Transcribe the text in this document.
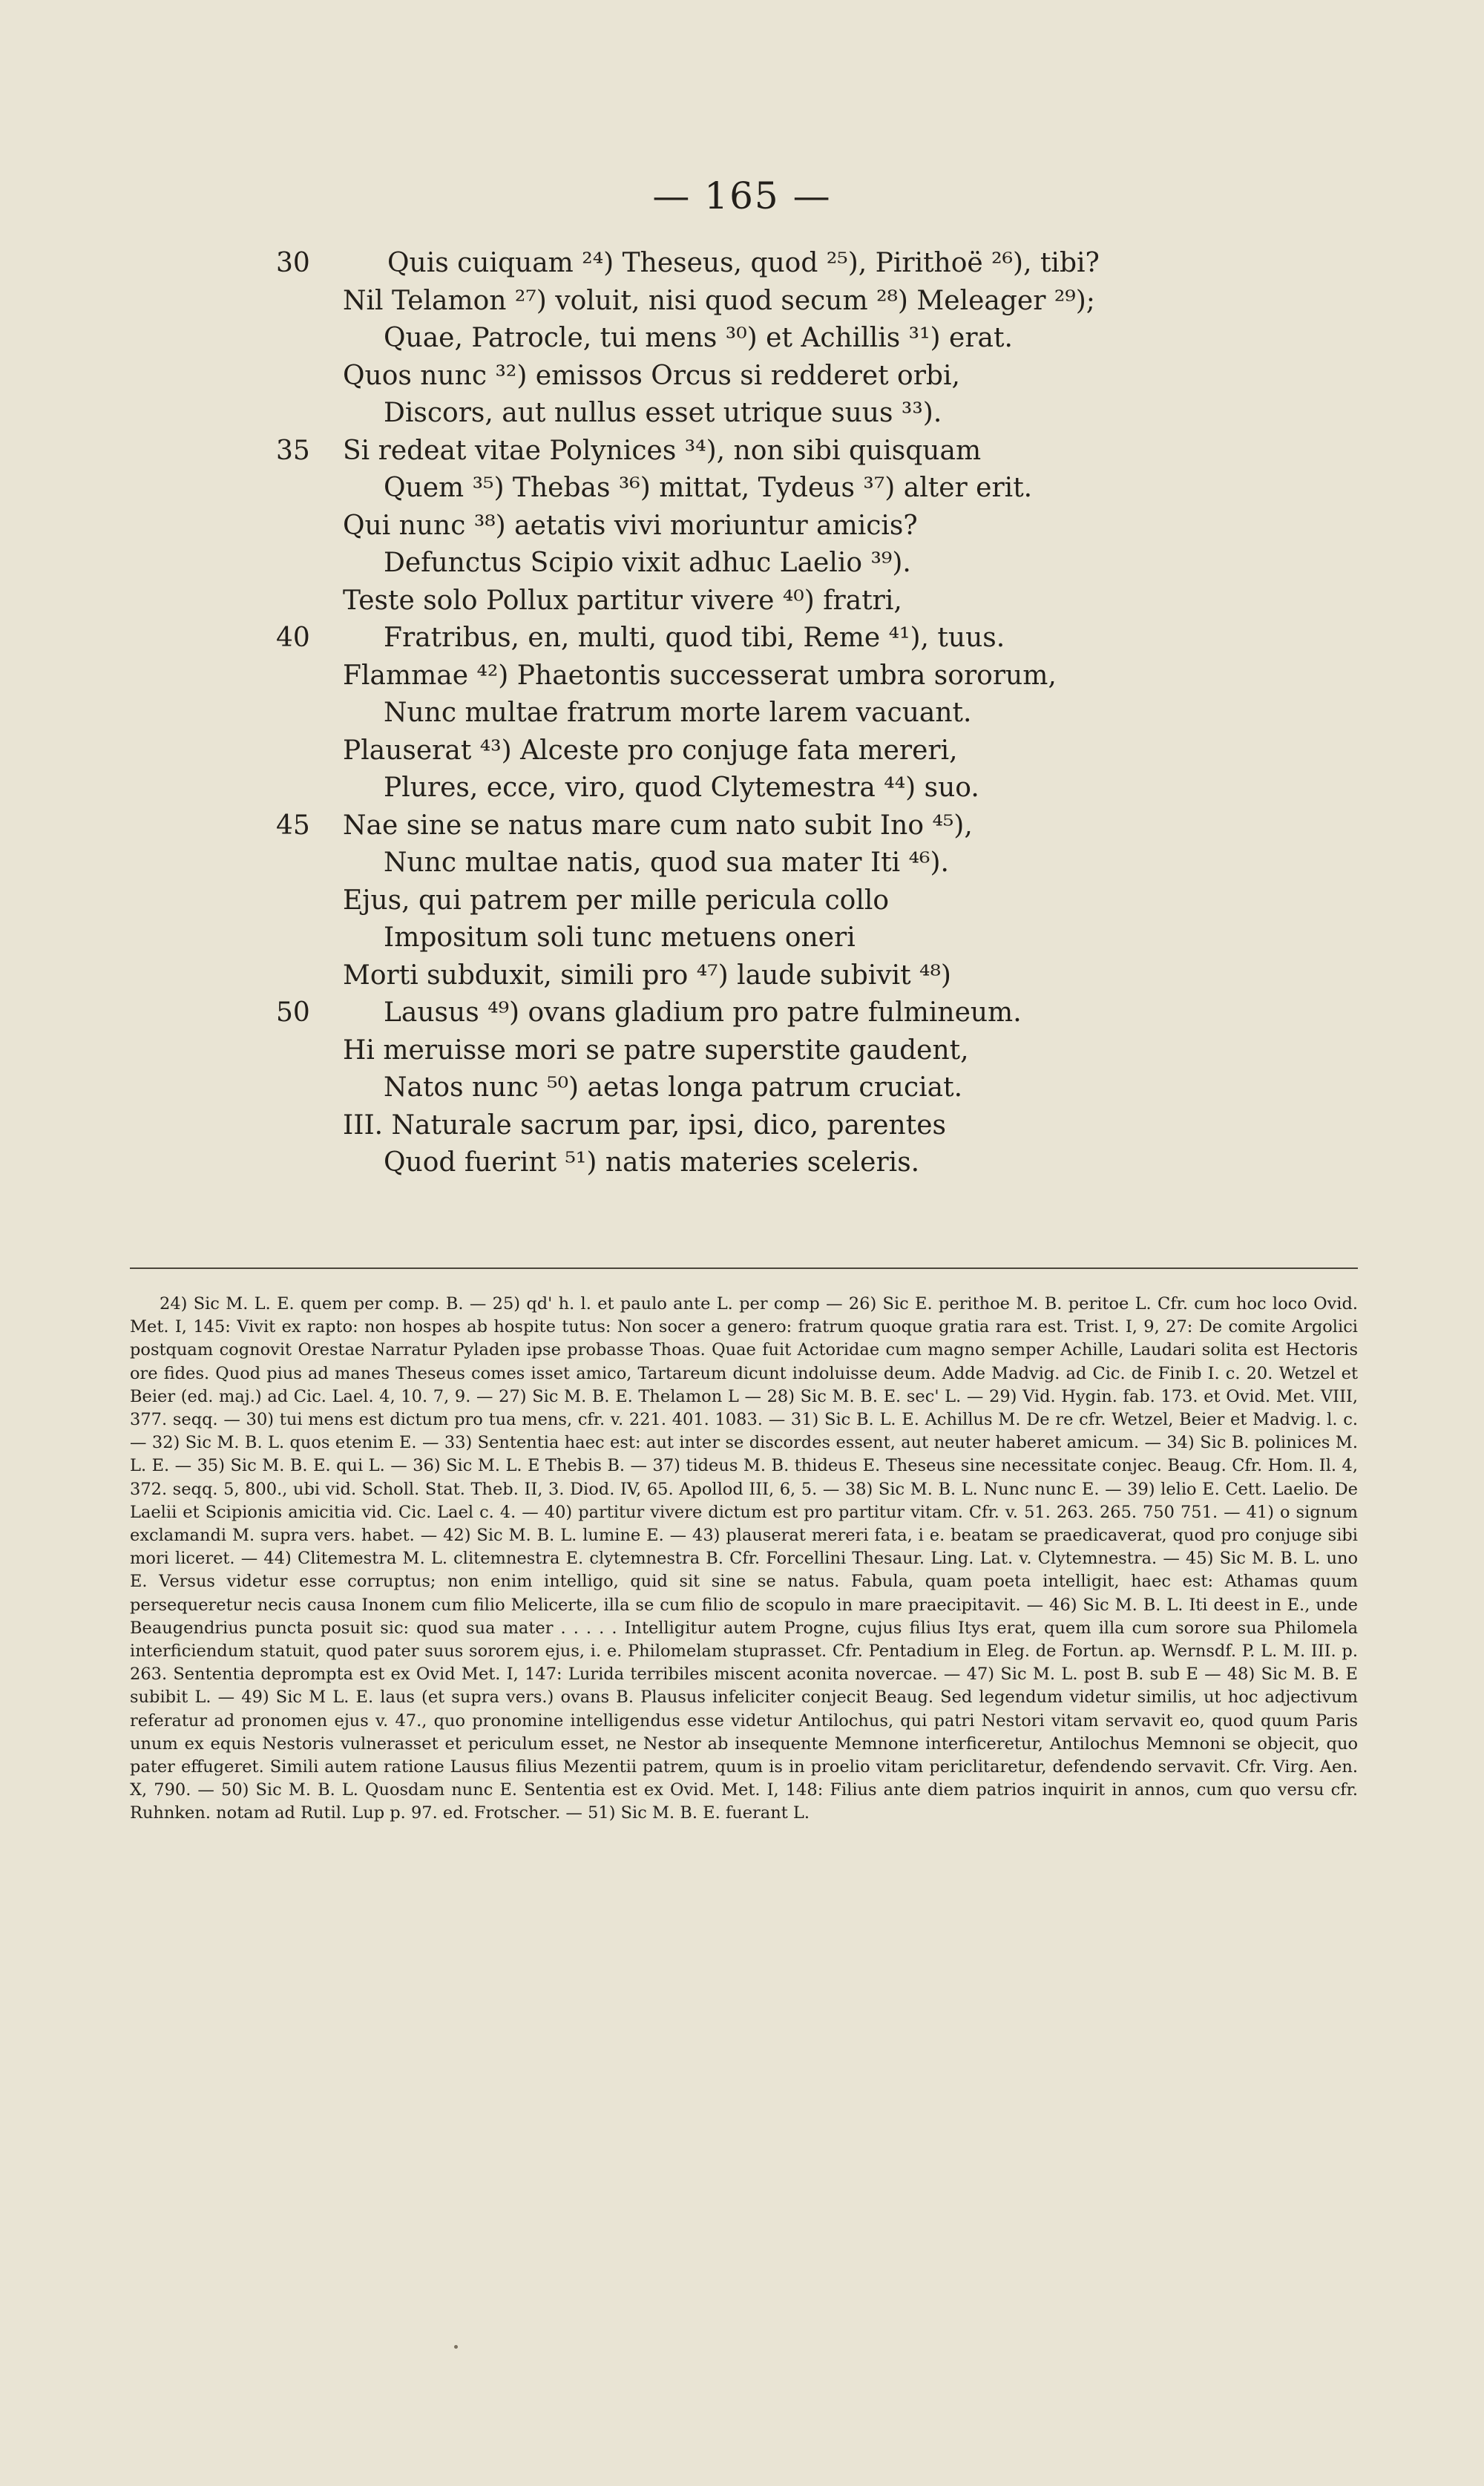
— 165 —
30	Quis cuiquam ²⁴) Theseus, quod ²⁵), Pirithoë ²⁶), tibi?
Nil Telamon ²⁷) voluit, nisi quod secum ²⁸) Meleager ²⁹);
Quae, Patrocle, tui mens ³⁰) et Achillis ³¹) erat.
Quos nunc ³²) emissos Orcus si redderet orbi,
Discors, aut nullus esset utrique suus ³³).
35 Si redeat vitae Polynices ³⁴), non sibi quisquam
Quem ³⁵) Thebas ³⁶) mittat, Tydeus ³⁷) alter erit.
Qui nunc ³⁸) aetatis vivi moriuntur amicis?
Defunctus Scipio vixit adhuc Laelio ³⁹).
Teste solo Pollux partitur vivere ⁴⁰) fratri,
40	Fratribus, en, multi, quod tibi, Reme ⁴¹), tuus.
Flammae ⁴²) Phaetontis successerat umbra sororum,
Nunc multae fratrum morte larem vacuant.
Plauserat ⁴³) Alceste pro conjuge fata mereri,
Plures, ecce, viro, quod Clytemestra ⁴⁴) suo.
45 Nae sine se natus mare cum nato subit Ino ⁴⁵),
Nunc multae natis, quod sua mater Iti ⁴⁶).
Ejus, qui patrem per mille pericula collo
Impositum soli tunc metuens oneri
Morti subduxit, simili pro ⁴⁷) laude subivit ⁴⁸)
50	Lausus ⁴⁹) ovans gladium pro patre fulmineum.
Hi meruisse mori se patre superstite gaudent,
Natos nunc ⁵⁰) aetas longa patrum cruciat.
III. Naturale sacrum par, ipsi, dico, parentes
Quod fuerint ⁵¹) natis materies sceleris.

24) Sic M. L. E. quem per comp. B. — 25) qd' h. l. et paulo ante L. per comp — 26) Sic E. perithoe M. B. peritoe L. Cfr. cum hoc loco Ovid. Met. I, 145: Vivit ex rapto: non hospes ab hospite tutus: Non socer a genero: fratrum quoque gratia rara est. Trist. I, 9, 27: De comite Argolici postquam cognovit Orestae Narratur Pyladen ipse probasse Thoas. Quae fuit Actoridae cum magno semper Achille, Laudari solita est Hectoris ore fides. Quod pius ad manes Theseus comes isset amico, Tartareum dicunt indoluisse deum. Adde Madvig. ad Cic. de Finib I. c. 20. Wetzel et Beier (ed. maj.) ad Cic. Lael. 4, 10. 7, 9. — 27) Sic M. B. E. Thelamon L — 28) Sic M. B. E. sec' L. — 29) Vid. Hygin. fab. 173. et Ovid. Met. VIII, 377. seqq. — 30) tui mens est dictum pro tua mens, cfr. v. 221. 401. 1083. — 31) Sic B. L. E. Achillus M. De re cfr. Wetzel, Beier et Madvig. l. c. — 32) Sic M. B. L. quos etenim E. — 33) Sententia haec est: aut inter se discordes essent, aut neuter haberet amicum. — 34) Sic B. polinices M. L. E. — 35) Sic M. B. E. qui L. — 36) Sic M. L. E Thebis B. — 37) tideus M. B. thideus E. Theseus sine necessitate conjec. Beaug. Cfr. Hom. Il. 4, 372. seqq. 5, 800., ubi vid. Scholl. Stat. Theb. II, 3. Diod. IV, 65. Apollod III, 6, 5. — 38) Sic M. B. L. Nunc nunc E. — 39) lelio E. Cett. Laelio. De Laelii et Scipionis amicitia vid. Cic. Lael c. 4. — 40) partitur vivere dictum est pro partitur vitam. Cfr. v. 51. 263. 265. 750 751. — 41) o signum exclamandi M. supra vers. habet. — 42) Sic M. B. L. lumine E. — 43) plauserat mereri fata, i e. beatam se praedicaverat, quod pro conjuge sibi mori liceret. — 44) Clitemestra M. L. clitemnestra E. clytemnestra B. Cfr. Forcellini Thesaur. Ling. Lat. v. Clytemnestra. — 45) Sic M. B. L. uno E. Versus videtur esse corruptus; non enim intelligo, quid sit sine se natus. Fabula, quam poeta intelligit, haec est: Athamas quum persequeretur necis causa Inonem cum filio Melicerte, illa se cum filio de scopulo in mare praecipitavit. — 46) Sic M. B. L. Iti deest in E., unde Beaugendrius puncta posuit sic: quod sua mater . . . . . Intelligitur autem Progne, cujus filius Itys erat, quem illa cum sorore sua Philomela interficiendum statuit, quod pater suus sororem ejus, i. e. Philomelam stuprasset. Cfr. Pentadium in Eleg. de Fortun. ap. Wernsdf. P. L. M. III. p. 263. Sententia deprompta est ex Ovid Met. I, 147: Lurida terribiles miscent aconita novercae. — 47) Sic M. L. post B. sub E — 48) Sic M. B. E subibit L. — 49) Sic M L. E. laus (et supra vers.) ovans B. Plausus infeliciter conjecit Beaug. Sed legendum videtur similis, ut hoc adjectivum referatur ad pronomen ejus v. 47., quo pronomine intelligendus esse videtur Antilochus, qui patri Nestori vitam servavit eo, quod quum Paris unum ex equis Nestoris vulnerasset et periculum esset, ne Nestor ab insequente Memnone interficeretur, Antilochus Memnoni se objecit, quo pater effugeret. Simili autem ratione Lausus filius Mezentii patrem, quum is in proelio vitam periclitaretur, defendendo servavit. Cfr. Virg. Aen. X, 790. — 50) Sic M. B. L. Quosdam nunc E. Sententia est ex Ovid. Met. I, 148: Filius ante diem patrios inquirit in annos, cum quo versu cfr. Ruhnken. notam ad Rutil. Lup p. 97. ed. Frotscher. — 51) Sic M. B. E. fuerant L.
